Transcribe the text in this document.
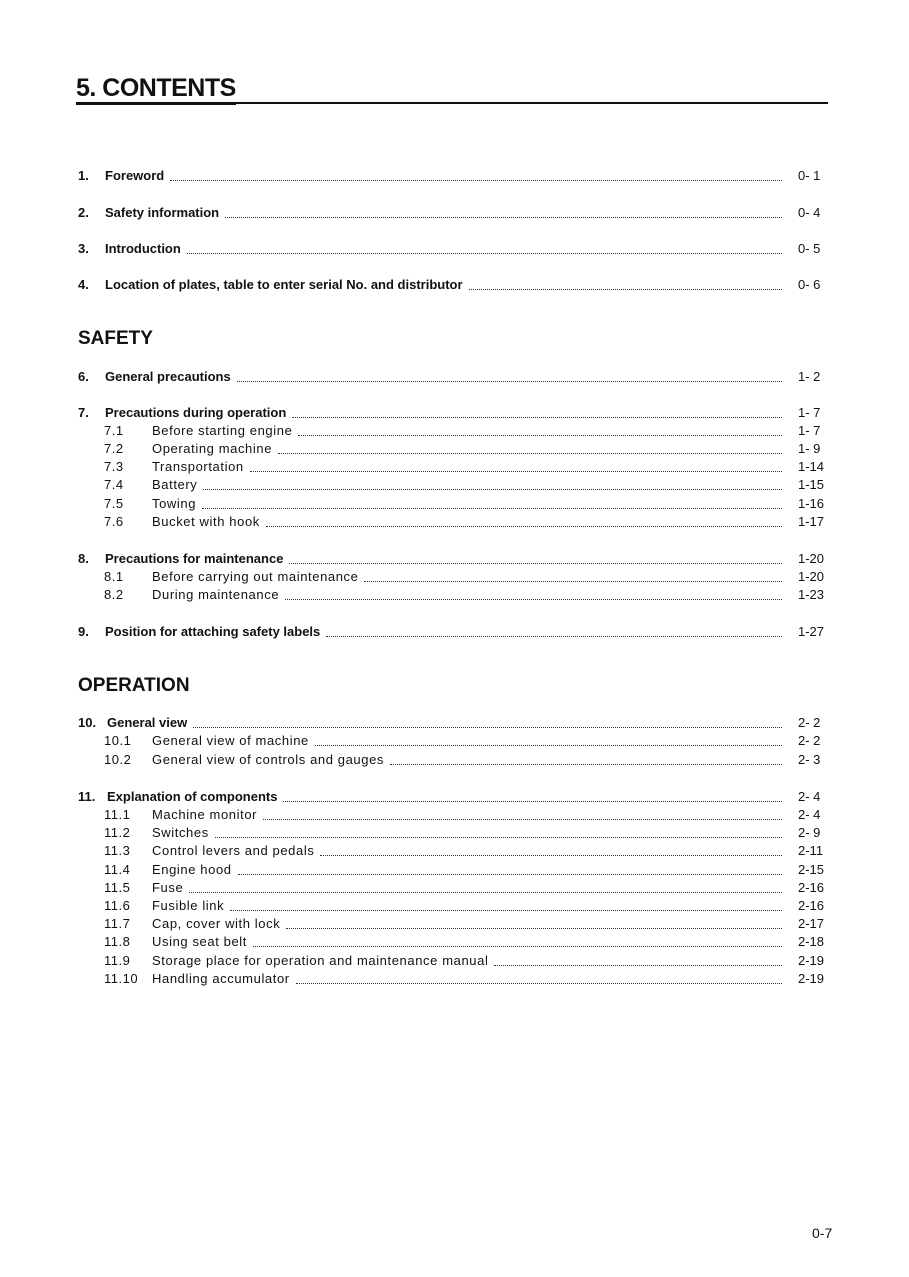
5. CONTENTS
1.	Foreword	0- 1
2.	Safety information	0- 4
3.	Introduction	0- 5
4.	Location of plates, table to enter serial No. and distributor	0- 6
SAFETY
6.	General precautions	1- 2
7.	Precautions during operation	1- 7
7.1	Before starting engine	1- 7
7.2	Operating machine	1- 9
7.3	Transportation	1-14
7.4	Battery	1-15
7.5	Towing	1-16
7.6	Bucket with hook	1-17
8.	Precautions for maintenance	1-20
8.1	Before carrying out maintenance	1-20
8.2	During maintenance	1-23
9.	Position for attaching safety labels	1-27
OPERATION
10. General view	2- 2
10.1	General view of machine	2- 2
10.2	General view of controls and gauges	2- 3
11. Explanation of components	2- 4
11.1	Machine monitor	2- 4
11.2	Switches	2- 9
11.3	Control levers and pedals	2-11
11.4	Engine hood	2-15
11.5	Fuse	2-16
11.6	Fusible link	2-16
11.7	Cap, cover with lock	2-17
11.8	Using seat belt	2-18
11.9	Storage place for operation and maintenance manual	2-19
11.10	Handling accumulator	2-19
0-7
